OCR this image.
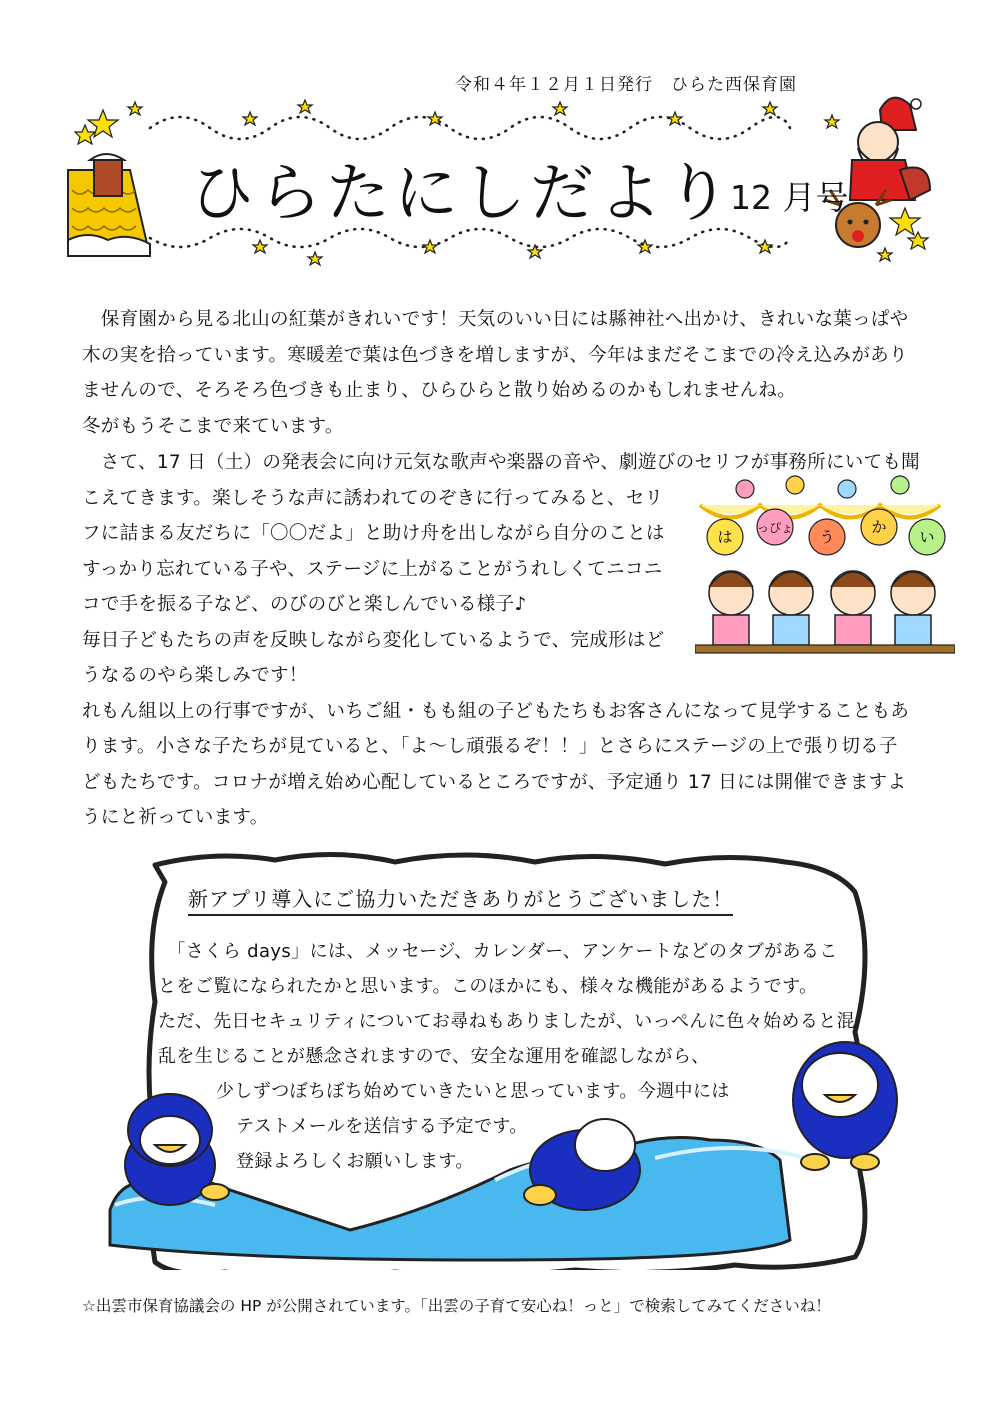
令和４年１２月１日発行　ひらた西保育園
ひらたにしだより
12 月号
　保育園から見る北山の紅葉がきれいです！天気のいい日には縣神社へ出かけ、きれいな葉っぱや
木の実を拾っています。寒暖差で葉は色づきを増しますが、今年はまだそこまでの冷え込みがあり
ませんので、そろそろ色づきも止まり、ひらひらと散り始めるのかもしれませんね。
冬がもうそこまで来ています。
　さて、17 日（土）の発表会に向け元気な歌声や楽器の音や、劇遊びのセリフが事務所にいても聞
こえてきます。楽しそうな声に誘われてのぞきに行ってみると、セリ
フに詰まる友だちに「〇〇だよ」と助け舟を出しながら自分のことは
すっかり忘れている子や、ステージに上がることがうれしくてニコニ
コで手を振る子など、のびのびと楽しんでいる様子♪
毎日子どもたちの声を反映しながら変化しているようで、完成形はど
うなるのやら楽しみです！
れもん組以上の行事ですが、いちご組・もも組の子どもたちもお客さんになって見学することもあ
ります。小さな子たちが見ていると、「よ～し頑張るぞ！！」とさらにステージの上で張り切る子
どもたちです。コロナが増え始め心配しているところですが、予定通り 17 日には開催できますよ
うにと祈っています。
は っぴょ う
か
い
新アプリ導入にご協力いただきありがとうございました！
　「さくら days」には、メッセージ、カレンダー、アンケートなどのタブがあるこ
とをご覧になられたかと思います。このほかにも、様々な機能があるようです。
ただ、先日セキュリティについてお尋ねもありましたが、いっぺんに色々始めると混
乱を生じることが懸念されますので、安全な運用を確認しながら、
少しずつぼちぼち始めていきたいと思っています。今週中には
テストメールを送信する予定です。
登録よろしくお願いします。
☆出雲市保育協議会の HP が公開されています。「出雲の子育て安心ね！っと」で検索してみてくださいね！
